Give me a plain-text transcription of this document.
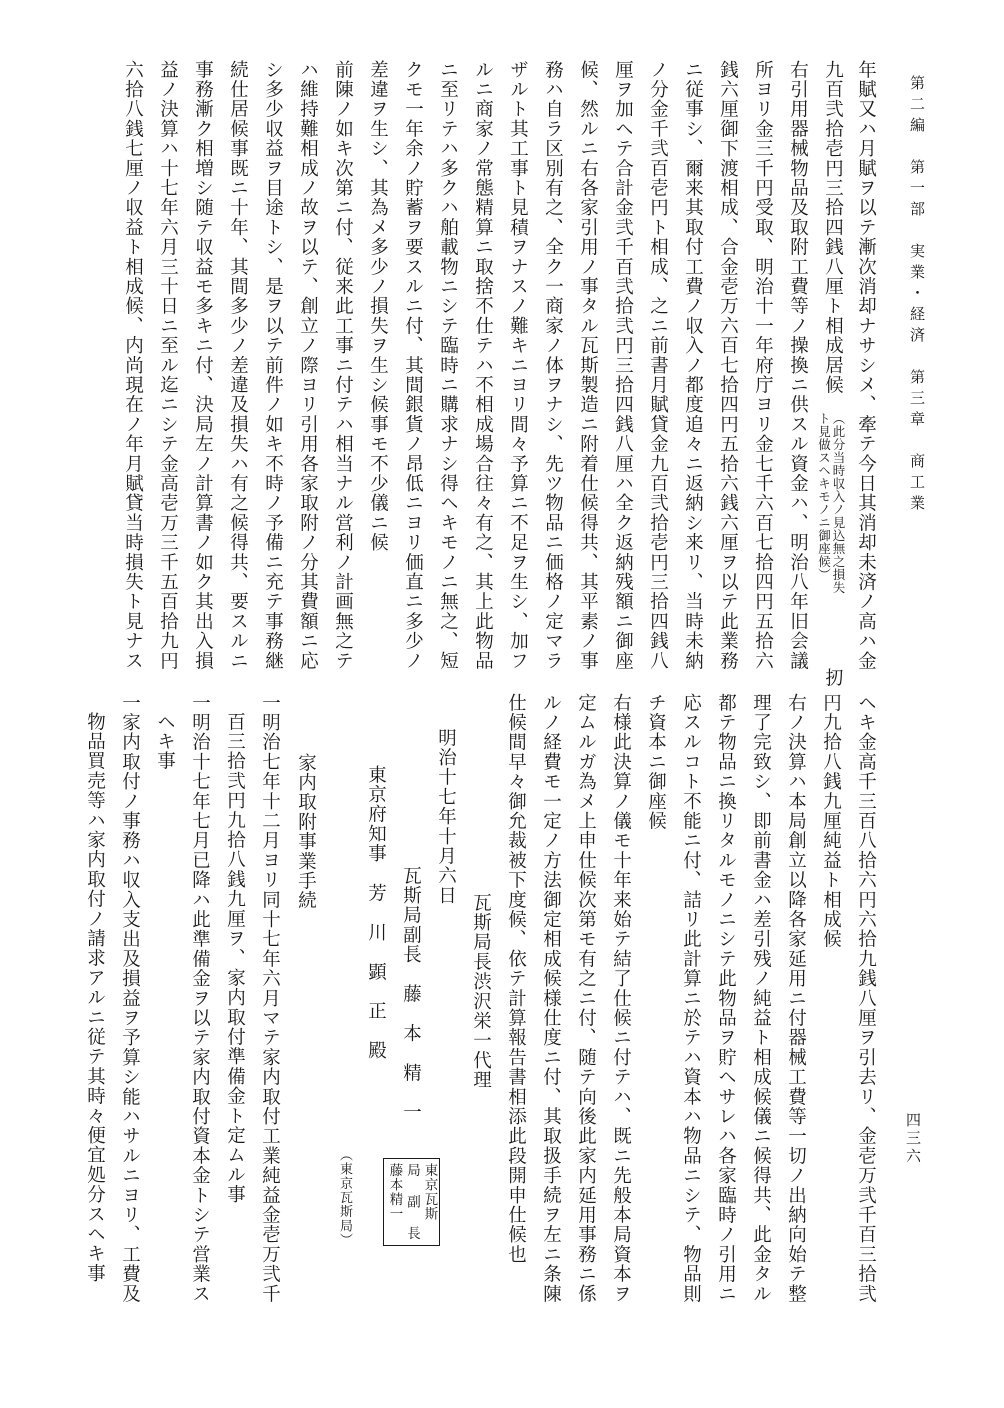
第二編　第一部　実業・経済　第三章　商工業
四三六
年賦又ハ月賦ヲ以テ漸次消却ナサシメ、牽テ今日其消却未済ノ高ハ金
九百弐拾壱円三拾四銭八厘ト相成居候
（此分当時収入ノ見込無之損失
ト見做スヘキモノニ御座候）
扨
右引用器械物品及取附工費等ノ操換ニ供スル資金ハ、明治八年旧会議
所ヨリ金三千円受取、明治十一年府庁ヨリ金七千六百七拾四円五拾六
銭六厘御下渡相成、合金壱万六百七拾四円五拾六銭六厘ヲ以テ此業務
ニ従事シ、爾来其取付工費ノ収入ノ都度追々ニ返納シ来リ、当時未納
ノ分金千弐百壱円ト相成、之ニ前書月賦貸金九百弐拾壱円三拾四銭八
厘ヲ加ヘテ合計金弐千百弐拾弐円三拾四銭八厘ハ全ク返納残額ニ御座
候、然ルニ右各家引用ノ事タル瓦斯製造ニ附着仕候得共、其平素ノ事
務ハ自ラ区別有之、全ク一商家ノ体ヲナシ、先ツ物品ニ価格ノ定マラ
ザルト其工事ト見積ヲナスノ難キニヨリ間々予算ニ不足ヲ生シ、加フ
ルニ商家ノ常態精算ニ取捨不仕テハ不相成場合往々有之、其上此物品
ニ至リテハ多クハ舶載物ニシテ臨時ニ購求ナシ得ヘキモノニ無之、短
クモ一年余ノ貯蓄ヲ要スルニ付、其間銀貨ノ昂低ニヨリ価直ニ多少ノ
差違ヲ生シ、其為メ多少ノ損失ヲ生シ候事モ不少儀ニ候
前陳ノ如キ次第ニ付、従来此工事ニ付テハ相当ナル営利ノ計画無之テ
ハ維持難相成ノ故ヲ以テ、創立ノ際ヨリ引用各家取附ノ分其費額ニ応
シ多少収益ヲ目途トシ、是ヲ以テ前件ノ如キ不時ノ予備ニ充テ事務継
続仕居候事既ニ十年、其間多少ノ差違及損失ハ有之候得共、要スルニ
事務漸ク相増シ随テ収益モ多キニ付、決局左ノ計算書ノ如ク其出入損
益ノ決算ハ十七年六月三十日ニ至ル迄ニシテ金高壱万三千五百拾九円
六拾八銭七厘ノ収益ト相成候、内尚現在ノ年月賦貸当時損失ト見ナス
ヘキ金高千三百八拾六円六拾九銭八厘ヲ引去リ、金壱万弐千百三拾弐
円九拾八銭九厘純益ト相成候
右ノ決算ハ本局創立以降各家延用ニ付器械工費等一切ノ出納向始テ整
理了完致シ、即前書金ハ差引残ノ純益ト相成候儀ニ候得共、此金タル
都テ物品ニ換リタルモノニシテ此物品ヲ貯ヘサレハ各家臨時ノ引用ニ
応スルコト不能ニ付、詰リ此計算ニ於テハ資本ハ物品ニシテ、物品則
チ資本ニ御座候
右様此決算ノ儀モ十年来始テ結了仕候ニ付テハ、既ニ先般本局資本ヲ
定ムルガ為メ上申仕候次第モ有之ニ付、随テ向後此家内延用事務ニ係
ルノ経費モ一定ノ方法御定相成候様仕度ニ付、其取扱手続ヲ左ニ条陳
仕候間早々御允裁被下度候、依テ計算報告書相添此段開申仕候也
瓦斯局長渋沢栄一代理
明治十七年十月六日
瓦斯局副長　藤　本　精　一
東京瓦斯
局 副 長
藤本精一
東京府知事　芳　川　顕　正　殿
（東京瓦斯局）
家内取附事業手続
一明治七年十二月ヨリ同十七年六月マテ家内取付工業純益金壱万弐千
百三拾弐円九拾八銭九厘ヲ、家内取付準備金ト定ムル事
一明治十七年七月已降ハ此準備金ヲ以テ家内取付資本金トシテ営業ス
ヘキ事
一家内取付ノ事務ハ収入支出及損益ヲ予算シ能ハサルニヨリ、工費及
物品買売等ハ家内取付ノ請求アルニ従テ其時々便宜処分スヘキ事
